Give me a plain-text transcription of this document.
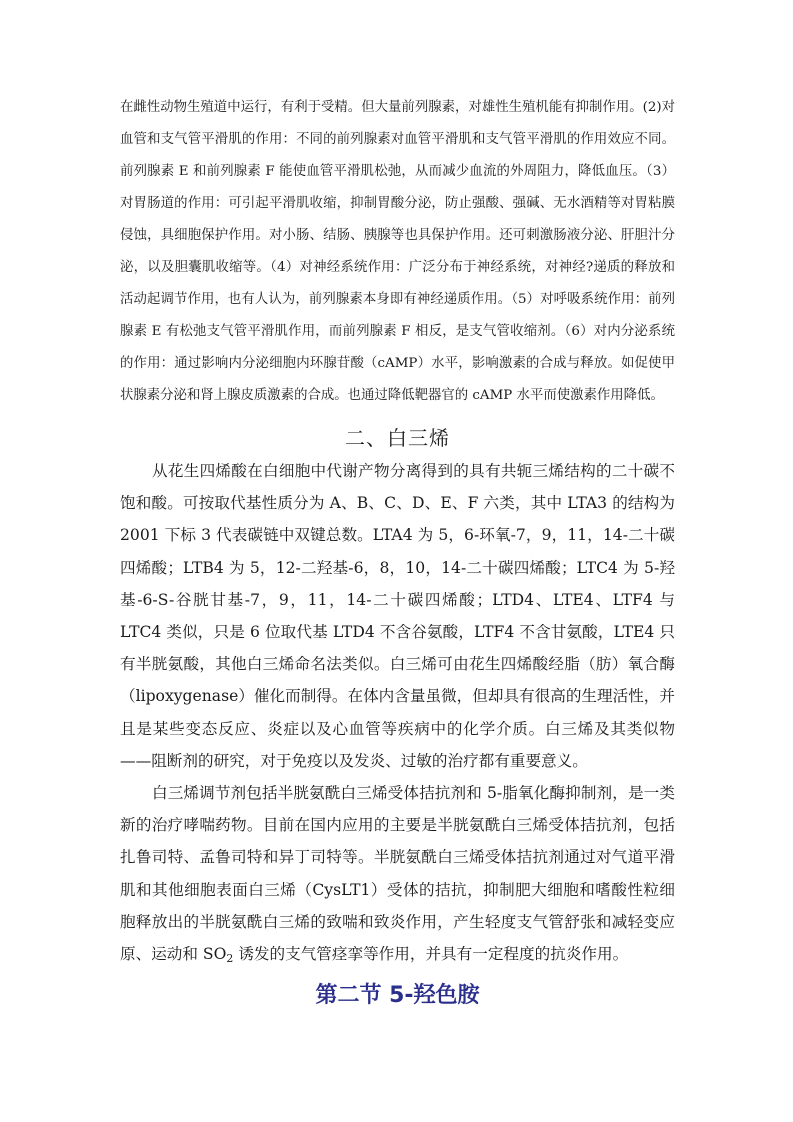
在雌性动物生殖道中运行，有利于受精。但大量前列腺素，对雄性生殖机能有抑制作用。(2)对血管和支气管平滑肌的作用：不同的前列腺素对血管平滑肌和支气管平滑肌的作用效应不同。前列腺素 E 和前列腺素 F 能使血管平滑肌松弛，从而减少血流的外周阻力，降低血压。（3）对胃肠道的作用：可引起平滑肌收缩，抑制胃酸分泌，防止强酸、强碱、无水酒精等对胃粘膜侵蚀，具细胞保护作用。对小肠、结肠、胰腺等也具保护作用。还可刺激肠液分泌、肝胆汁分泌，以及胆囊肌收缩等。（4）对神经系统作用：广泛分布于神经系统，对神经?递质的释放和活动起调节作用，也有人认为，前列腺素本身即有神经递质作用。（5）对呼吸系统作用：前列腺素 E 有松弛支气管平滑肌作用，而前列腺素 F 相反，是支气管收缩剂。（6）对内分泌系统的作用：通过影响内分泌细胞内环腺苷酸（cAMP）水平，影响激素的合成与释放。如促使甲状腺素分泌和肾上腺皮质激素的合成。也通过降低靶器官的 cAMP 水平而使激素作用降低。

二、白三烯

从花生四烯酸在白细胞中代谢产物分离得到的具有共轭三烯结构的二十碳不饱和酸。可按取代基性质分为 A、B、C、D、E、F 六类，其中 LTA3 的结构为 2001 下标 3 代表碳链中双键总数。LTA4 为 5，6-环氧-7，9，11，14-二十碳四烯酸；LTB4 为 5，12-二羟基-6，8，10，14-二十碳四烯酸；LTC4 为 5-羟基-6-S-谷胱甘基-7，9，11，14-二十碳四烯酸；LTD4、LTE4、LTF4 与 LTC4 类似，只是 6 位取代基 LTD4 不含谷氨酸，LTF4 不含甘氨酸，LTE4 只有半胱氨酸，其他白三烯命名法类似。白三烯可由花生四烯酸经脂（肪）氧合酶（lipoxygenase）催化而制得。在体内含量虽微，但却具有很高的生理活性，并且是某些变态反应、炎症以及心血管等疾病中的化学介质。白三烯及其类似物——阻断剂的研究，对于免疫以及发炎、过敏的治疗都有重要意义。

白三烯调节剂包括半胱氨酰白三烯受体拮抗剂和 5-脂氧化酶抑制剂，是一类新的治疗哮喘药物。目前在国内应用的主要是半胱氨酰白三烯受体拮抗剂，包括扎鲁司特、孟鲁司特和异丁司特等。半胱氨酰白三烯受体拮抗剂通过对气道平滑肌和其他细胞表面白三烯（CysLT1）受体的拮抗，抑制肥大细胞和嗜酸性粒细胞释放出的半胱氨酰白三烯的致喘和致炎作用，产生轻度支气管舒张和减轻变应原、运动和 $SO_2$ 诱发的支气管痉挛等作用，并具有一定程度的抗炎作用。

第二节 5-羟色胺
